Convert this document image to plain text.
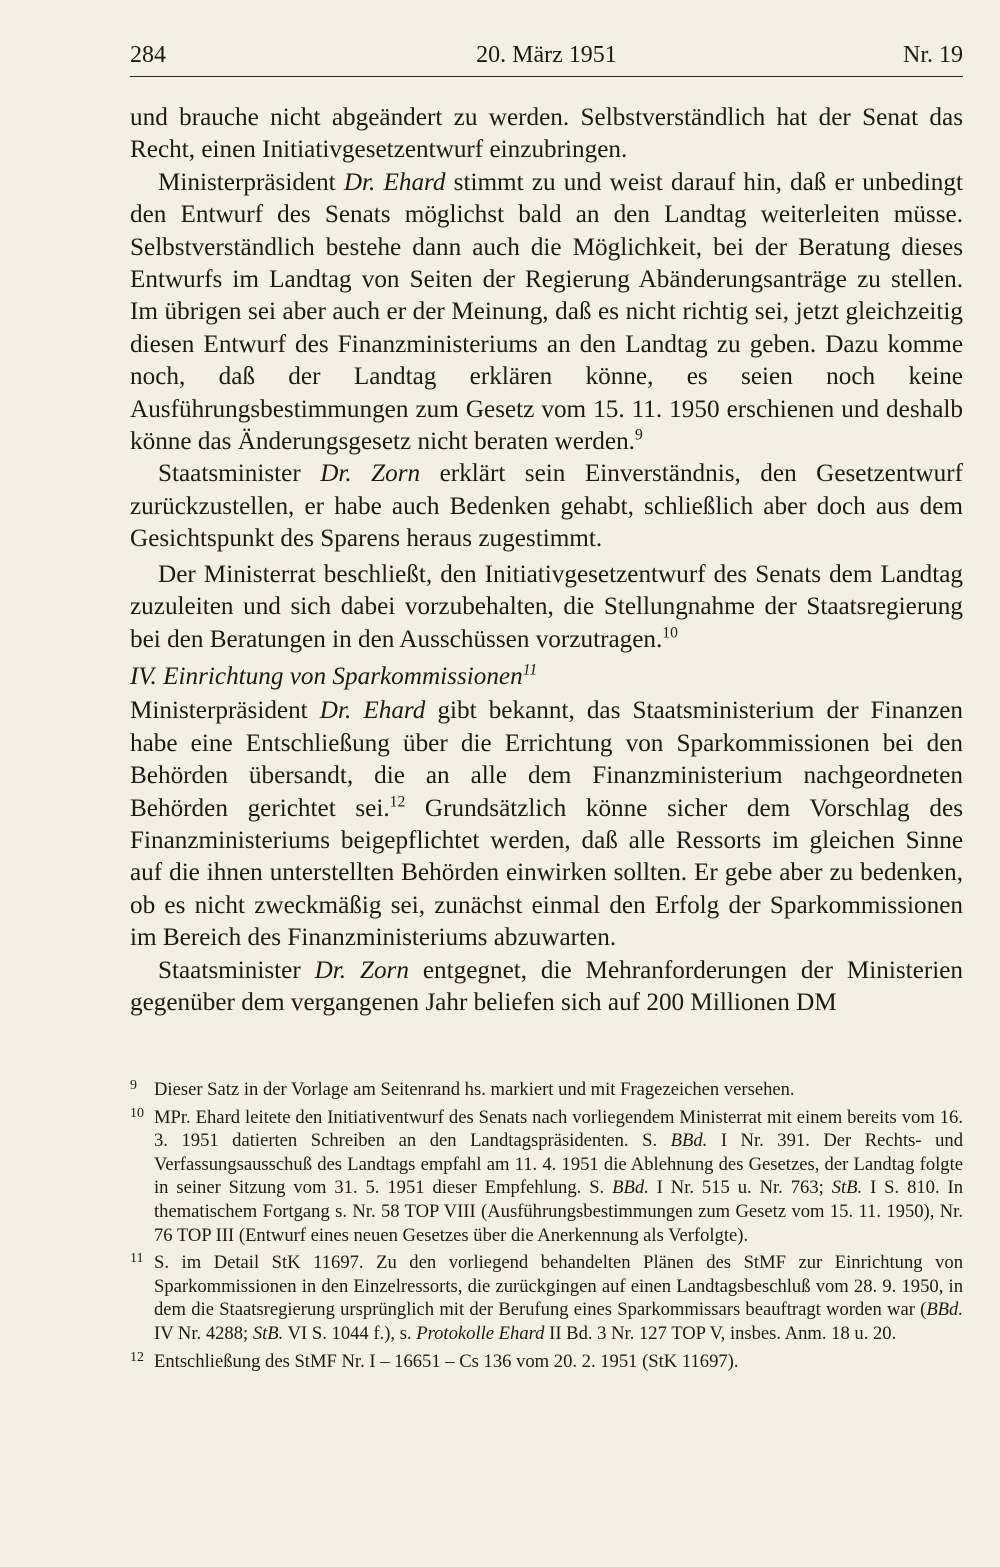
284	20. März 1951	Nr. 19

und brauche nicht abgeändert zu werden. Selbstverständlich hat der Senat das Recht, einen Initiativgesetzentwurf einzubringen.

Ministerpräsident Dr. Ehard stimmt zu und weist darauf hin, daß er unbedingt den Entwurf des Senats möglichst bald an den Landtag weiterleiten müsse. Selbstverständlich bestehe dann auch die Möglichkeit, bei der Beratung dieses Entwurfs im Landtag von Seiten der Regierung Abänderungsanträge zu stellen. Im übrigen sei aber auch er der Meinung, daß es nicht richtig sei, jetzt gleichzeitig diesen Entwurf des Finanzministeriums an den Landtag zu geben. Dazu komme noch, daß der Landtag erklären könne, es seien noch keine Ausführungsbestimmungen zum Gesetz vom 15. 11. 1950 erschienen und deshalb könne das Änderungsgesetz nicht beraten werden.$^9$

Staatsminister Dr. Zorn erklärt sein Einverständnis, den Gesetzentwurf zurückzustellen, er habe auch Bedenken gehabt, schließlich aber doch aus dem Gesichtspunkt des Sparens heraus zugestimmt.

Der Ministerrat beschließt, den Initiativgesetzentwurf des Senats dem Landtag zuzuleiten und sich dabei vorzubehalten, die Stellungnahme der Staatsregierung bei den Beratungen in den Ausschüssen vorzutragen.$^{10}$

IV. Einrichtung von Sparkommissionen$^{11}$

Ministerpräsident Dr. Ehard gibt bekannt, das Staatsministerium der Finanzen habe eine Entschließung über die Errichtung von Sparkommissionen bei den Behörden übersandt, die an alle dem Finanzministerium nachgeordneten Behörden gerichtet sei.$^{12}$ Grundsätzlich könne sicher dem Vorschlag des Finanzministeriums beigepflichtet werden, daß alle Ressorts im gleichen Sinne auf die ihnen unterstellten Behörden einwirken sollten. Er gebe aber zu bedenken, ob es nicht zweckmäßig sei, zunächst einmal den Erfolg der Sparkommissionen im Bereich des Finanzministeriums abzuwarten.

Staatsminister Dr. Zorn entgegnet, die Mehranforderungen der Ministerien gegenüber dem vergangenen Jahr beliefen sich auf 200 Millionen DM

9 Dieser Satz in der Vorlage am Seitenrand hs. markiert und mit Fragezeichen versehen.
10 MPr. Ehard leitete den Initiativentwurf des Senats nach vorliegendem Ministerrat mit einem bereits vom 16. 3. 1951 datierten Schreiben an den Landtagspräsidenten. S. BBd. I Nr. 391. Der Rechts- und Verfassungsausschuß des Landtags empfahl am 11. 4. 1951 die Ablehnung des Gesetzes, der Landtag folgte in seiner Sitzung vom 31. 5. 1951 dieser Empfehlung. S. BBd. I Nr. 515 u. Nr. 763; StB. I S. 810. In thematischem Fortgang s. Nr. 58 TOP VIII (Ausführungsbestimmungen zum Gesetz vom 15. 11. 1950), Nr. 76 TOP III (Entwurf eines neuen Gesetzes über die Anerkennung als Verfolgte).
11 S. im Detail StK 11697. Zu den vorliegend behandelten Plänen des StMF zur Einrichtung von Sparkommissionen in den Einzelressorts, die zurückgingen auf einen Landtagsbeschluß vom 28. 9. 1950, in dem die Staatsregierung ursprünglich mit der Berufung eines Sparkommissars beauftragt worden war (BBd. IV Nr. 4288; StB. VI S. 1044 f.), s. Protokolle Ehard II Bd. 3 Nr. 127 TOP V, insbes. Anm. 18 u. 20.
12 Entschließung des StMF Nr. I – 16651 – Cs 136 vom 20. 2. 1951 (StK 11697).
